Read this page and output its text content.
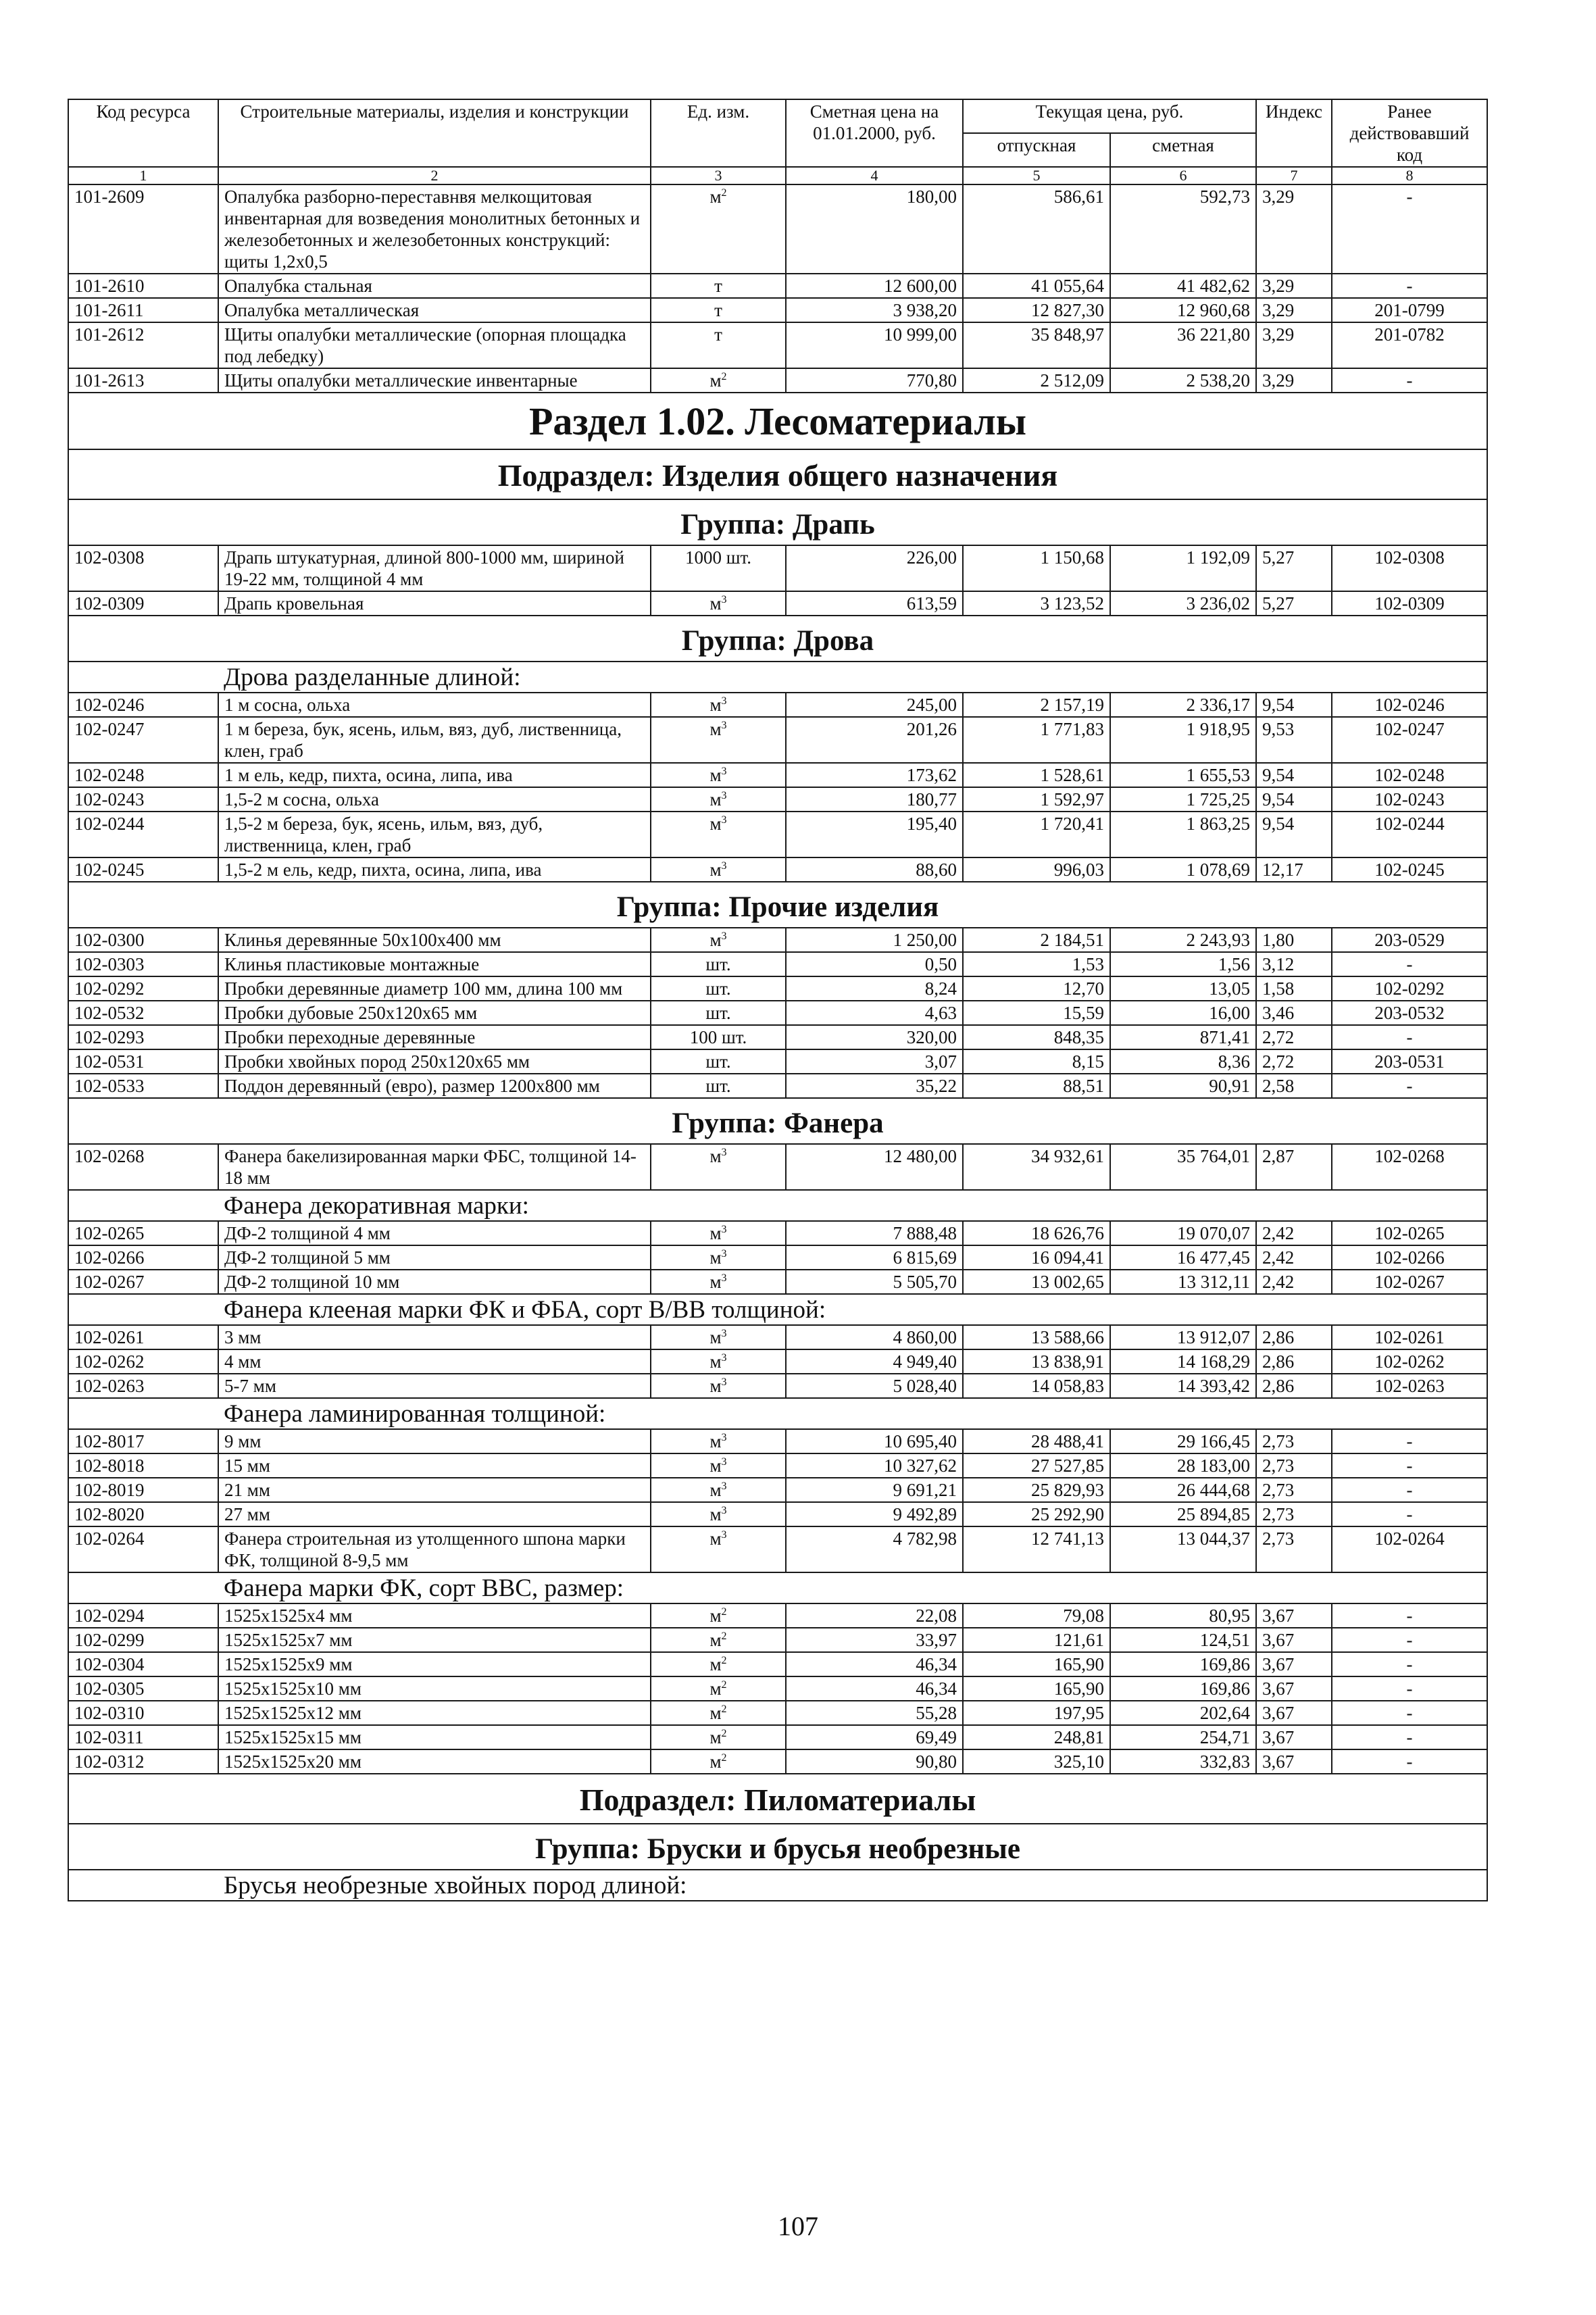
Код ресурса	Строительные материалы, изделия и конструкции	Ед. изм.	Сметная цена на 01.01.2000, руб.	Текущая цена, руб.		Индекс	Ранее действовавший код
				отпускная	сметная		
1	2	3	4	5	6	7	8
101-2609	Опалубка разборно-переставнвя мелкощитовая инвентарная для возведения монолитных бетонных и железобетонных и железобетонных конструкций: щиты 1,2х0,5	$м^2$	180,00	586,61	592,73	3,29	-
101-2610	Опалубка стальная	т	12 600,00	41 055,64	41 482,62	3,29	-
101-2611	Опалубка металлическая	т	3 938,20	12 827,30	12 960,68	3,29	201-0799
101-2612	Щиты опалубки металлические (опорная площадка под лебедку)	т	10 999,00	35 848,97	36 221,80	3,29	201-0782
101-2613	Щиты опалубки металлические инвентарные	$м^2$	770,80	2 512,09	2 538,20	3,29	-
Раздел 1.02. Лесоматериалы							
Подраздел: Изделия общего назначения							
Группа: Драпь							
102-0308	Драпь штукатурная, длиной 800-1000 мм, шириной 19-22 мм, толщиной 4 мм	1000 шт.	226,00	1 150,68	1 192,09	5,27	102-0308
102-0309	Драпь кровельная	$м^3$	613,59	3 123,52	3 236,02	5,27	102-0309
Группа: Дрова							
	Дрова разделанные длиной:						
102-0246	1 м сосна, ольха	$м^3$	245,00	2 157,19	2 336,17	9,54	102-0246
102-0247	1 м береза, бук, ясень, ильм, вяз, дуб, лиственница, клен, граб	$м^3$	201,26	1 771,83	1 918,95	9,53	102-0247
102-0248	1 м ель, кедр, пихта, осина, липа, ива	$м^3$	173,62	1 528,61	1 655,53	9,54	102-0248
102-0243	1,5-2 м сосна, ольха	$м^3$	180,77	1 592,97	1 725,25	9,54	102-0243
102-0244	1,5-2 м береза, бук, ясень, ильм, вяз, дуб, лиственница, клен, граб	$м^3$	195,40	1 720,41	1 863,25	9,54	102-0244
102-0245	1,5-2 м ель, кедр, пихта, осина, липа, ива	$м^3$	88,60	996,03	1 078,69	12,17	102-0245
Группа: Прочие изделия							
102-0300	Клинья деревянные 50х100х400 мм	$м^3$	1 250,00	2 184,51	2 243,93	1,80	203-0529
102-0303	Клинья пластиковые монтажные	шт.	0,50	1,53	1,56	3,12	-
102-0292	Пробки деревянные диаметр 100 мм, длина 100 мм	шт.	8,24	12,70	13,05	1,58	102-0292
102-0532	Пробки дубовые 250х120х65 мм	шт.	4,63	15,59	16,00	3,46	203-0532
102-0293	Пробки переходные деревянные	100 шт.	320,00	848,35	871,41	2,72	-
102-0531	Пробки хвойных пород 250х120х65 мм	шт.	3,07	8,15	8,36	2,72	203-0531
102-0533	Поддон деревянный (евро), размер 1200х800 мм	шт.	35,22	88,51	90,91	2,58	-
Группа: Фанера							
102-0268	Фанера бакелизированная марки ФБС, толщиной 14-18 мм	$м^3$	12 480,00	34 932,61	35 764,01	2,87	102-0268
	Фанера декоративная марки:						
102-0265	ДФ-2 толщиной 4 мм	$м^3$	7 888,48	18 626,76	19 070,07	2,42	102-0265
102-0266	ДФ-2 толщиной 5 мм	$м^3$	6 815,69	16 094,41	16 477,45	2,42	102-0266
102-0267	ДФ-2 толщиной 10 мм	$м^3$	5 505,70	13 002,65	13 312,11	2,42	102-0267
	Фанера клееная марки ФК и ФБА, сорт В/ВВ толщиной:						
102-0261	3 мм	$м^3$	4 860,00	13 588,66	13 912,07	2,86	102-0261
102-0262	4 мм	$м^3$	4 949,40	13 838,91	14 168,29	2,86	102-0262
102-0263	5-7 мм	$м^3$	5 028,40	14 058,83	14 393,42	2,86	102-0263
	Фанера ламинированная толщиной:						
102-8017	9 мм	$м^3$	10 695,40	28 488,41	29 166,45	2,73	-
102-8018	15 мм	$м^3$	10 327,62	27 527,85	28 183,00	2,73	-
102-8019	21 мм	$м^3$	9 691,21	25 829,93	26 444,68	2,73	-
102-8020	27 мм	$м^3$	9 492,89	25 292,90	25 894,85	2,73	-
102-0264	Фанера строительная из утолщенного шпона марки ФК, толщиной 8-9,5 мм	$м^3$	4 782,98	12 741,13	13 044,37	2,73	102-0264
	Фанера марки ФК, сорт ВВС, размер:						
102-0294	1525х1525х4 мм	$м^2$	22,08	79,08	80,95	3,67	-
102-0299	1525х1525х7 мм	$м^2$	33,97	121,61	124,51	3,67	-
102-0304	1525х1525х9 мм	$м^2$	46,34	165,90	169,86	3,67	-
102-0305	1525х1525х10 мм	$м^2$	46,34	165,90	169,86	3,67	-
102-0310	1525х1525х12 мм	$м^2$	55,28	197,95	202,64	3,67	-
102-0311	1525х1525х15 мм	$м^2$	69,49	248,81	254,71	3,67	-
102-0312	1525х1525х20 мм	$м^2$	90,80	325,10	332,83	3,67	-
Подраздел: Пиломатериалы							
Группа: Бруски и брусья необрезные							
	Брусья необрезные хвойных пород длиной:						
107
